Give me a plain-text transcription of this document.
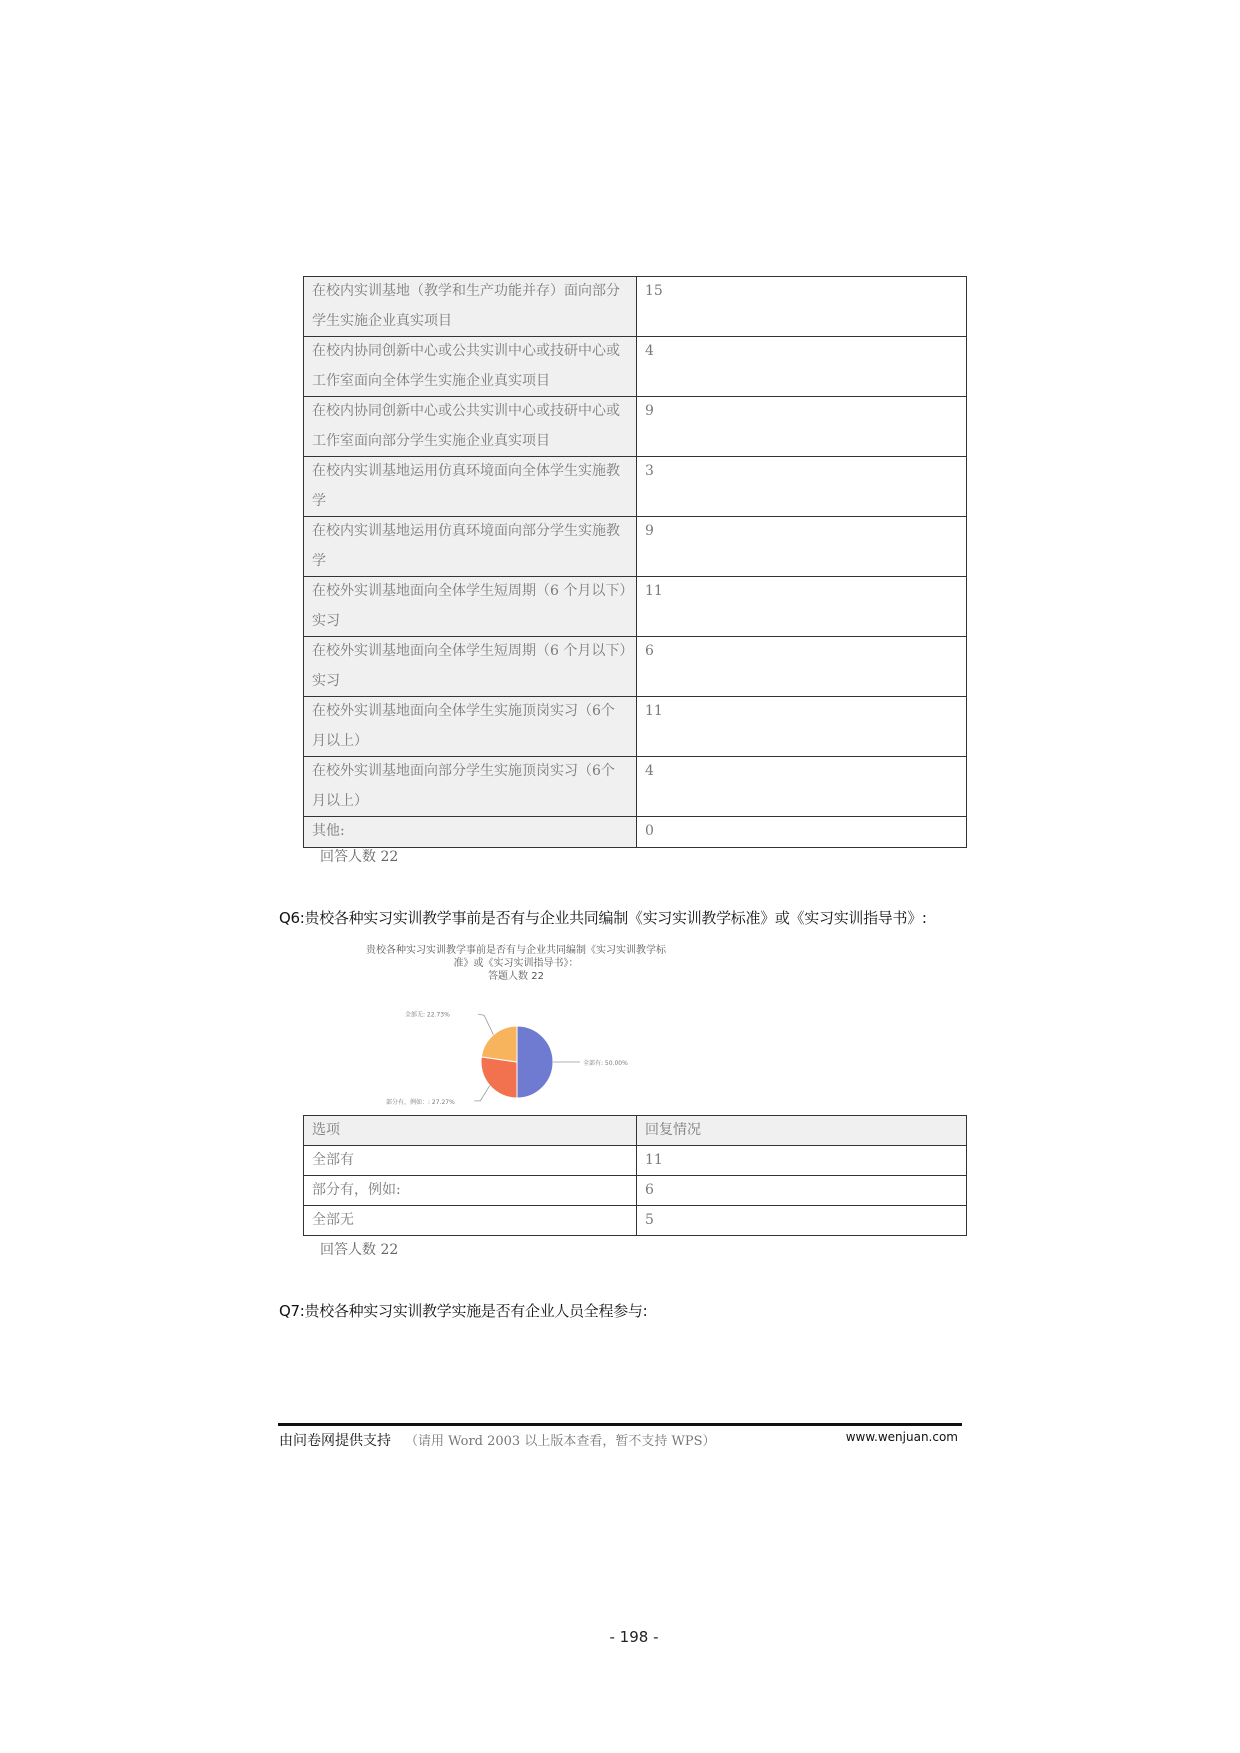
在校内实训基地（教学和生产功能并存）面向部分学生实施企业真实项目	15
在校内协同创新中心或公共实训中心或技研中心或工作室面向全体学生实施企业真实项目	4
在校内协同创新中心或公共实训中心或技研中心或工作室面向部分学生实施企业真实项目	9
在校内实训基地运用仿真环境面向全体学生实施教学	3
在校内实训基地运用仿真环境面向部分学生实施教学	9
在校外实训基地面向全体学生短周期（6 个月以下）实习	11
在校外实训基地面向全体学生短周期（6 个月以下）实习	6
在校外实训基地面向全体学生实施顶岗实习（6个月以上）	11
在校外实训基地面向部分学生实施顶岗实习（6个月以上）	4
其他:	0
回答人数 22
Q6:贵校各种实习实训教学事前是否有与企业共同编制《实习实训教学标准》或《实习实训指导书》:
贵校各种实习实训教学事前是否有与企业共同编制《实习实训教学标
准》或《实习实训指导书》：
答题人数 22
全部有: 50.00%
部分有，例如：: 27.27%
全部无: 22.73%
选项	回复情况
全部有	11
部分有，例如:	6
全部无	5
回答人数 22
Q7:贵校各种实习实训教学实施是否有企业人员全程参与:
由问卷网提供支持 （请用 Word 2003 以上版本查看，暂不支持 WPS）	www.wenjuan.com
- 198 -
